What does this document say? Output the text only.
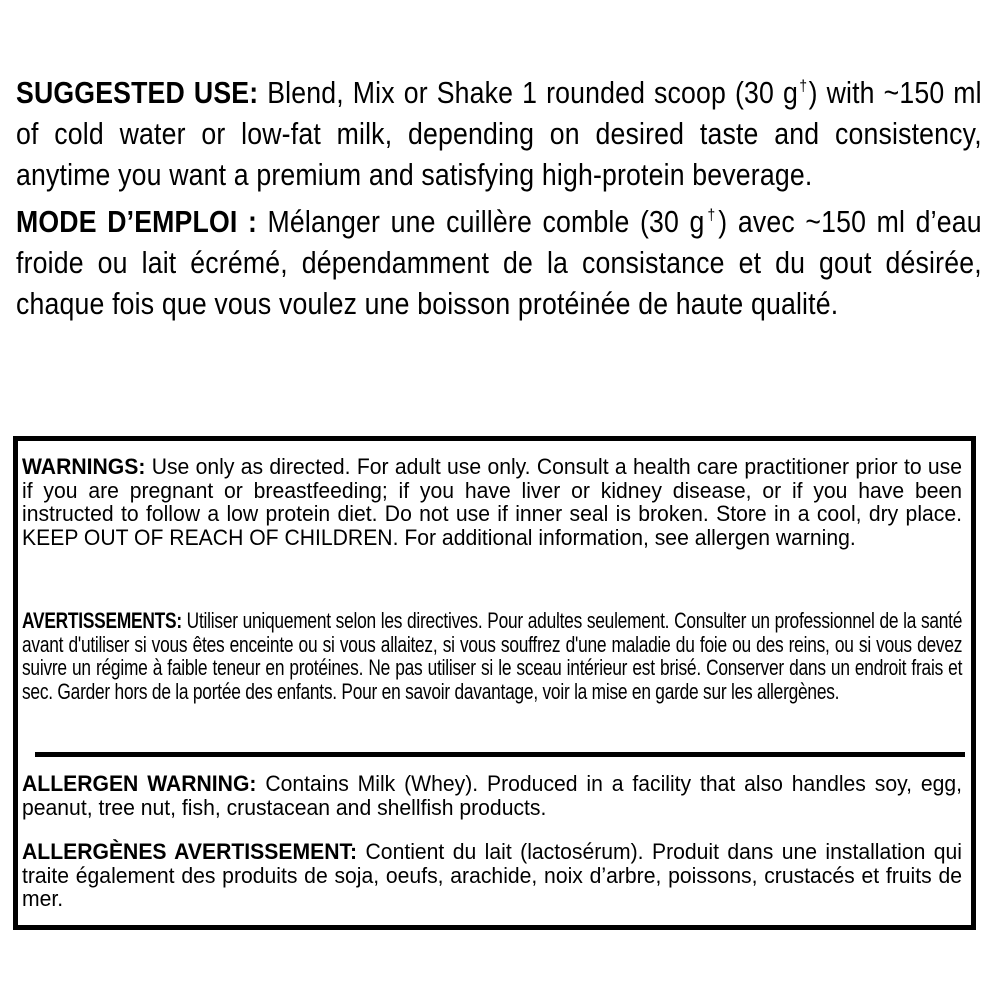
SUGGESTED USE: Blend, Mix or Shake 1 rounded scoop (30 g†) with ~150 ml of cold water or low-fat milk, depending on desired taste and consistency, anytime you want a premium and satisfying high-protein beverage.

MODE D’EMPLOI : Mélanger une cuillère comble (30 g†) avec ~150 ml d’eau froide ou lait écrémé, dépendamment de la consistance et du gout désirée, chaque fois que vous voulez une boisson protéinée de haute qualité.

WARNINGS: Use only as directed. For adult use only. Consult a health care practitioner prior to use if you are pregnant or breastfeeding; if you have liver or kidney disease, or if you have been instructed to follow a low protein diet. Do not use if inner seal is broken. Store in a cool, dry place. KEEP OUT OF REACH OF CHILDREN. For additional information, see allergen warning.

AVERTISSEMENTS: Utiliser uniquement selon les directives. Pour adultes seulement. Consulter un professionnel de la santé avant d'utiliser si vous êtes enceinte ou si vous allaitez, si vous souffrez d'une maladie du foie ou des reins, ou si vous devez suivre un régime à faible teneur en protéines. Ne pas utiliser si le sceau intérieur est brisé. Conserver dans un endroit frais et sec. Garder hors de la portée des enfants. Pour en savoir davantage, voir la mise en garde sur les allergènes.

ALLERGEN WARNING: Contains Milk (Whey). Produced in a facility that also handles soy, egg, peanut, tree nut, fish, crustacean and shellfish products.

ALLERGÈNES AVERTISSEMENT: Contient du lait (lactosérum). Produit dans une installation qui traite également des produits de soja, oeufs, arachide, noix d’arbre, poissons, crustacés et fruits de mer.
